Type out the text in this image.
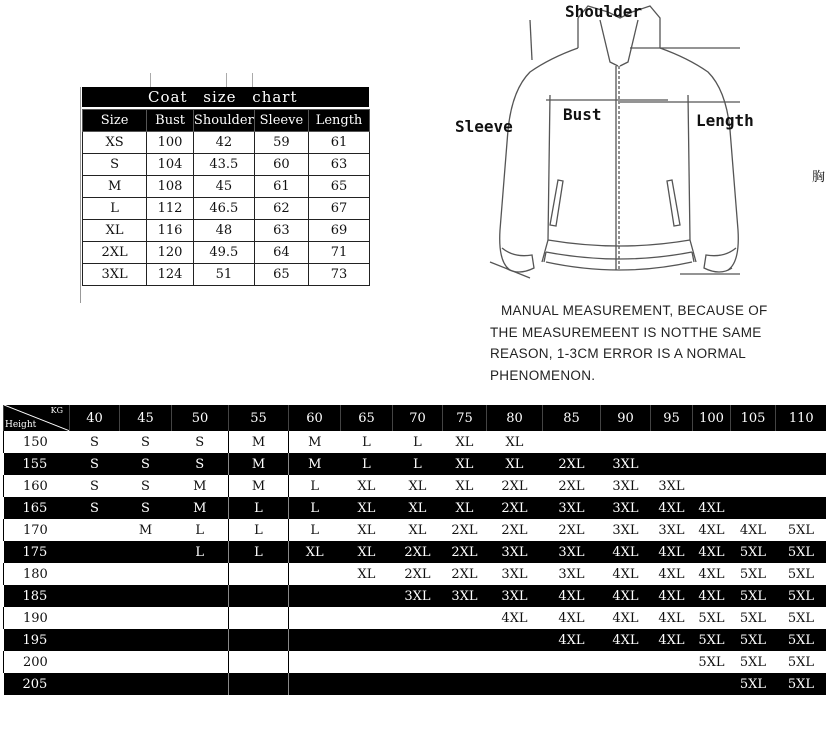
Coat size chart
Size	Bust	Shoulder	Sleeve	Length
XS	100	42	59	61
S	104	43.5	60	63
M	108	45	61	65
L	112	46.5	62	67
XL	116	48	63	69
2XL	120	49.5	64	71
3XL	124	51	65	73
Shoulder
Bust
Sleeve	Length
胸
MANUAL MEASUREMENT, BECAUSE OF
THE MEASUREMEENT IS NOTTHE SAME
REASON, 1-3CM ERROR IS A NORMAL
PHENOMENON.
KG
Height	40	45	50	55	60	65	70	75	80	85	90	95	100	105	110
150	S	S	S	M	M	L	L	XL	XL						
155	S	S	S	M	M	L	L	XL	XL	2XL	3XL				
160	S	S	M	M	L	XL	XL	XL	2XL	2XL	3XL	3XL			
165	S	S	M	L	L	XL	XL	XL	2XL	3XL	3XL	4XL	4XL		
170		M	L	L	L	XL	XL	2XL	2XL	2XL	3XL	3XL	4XL	4XL	5XL
175			L	L	XL	XL	2XL	2XL	3XL	3XL	4XL	4XL	4XL	5XL	5XL
180						XL	2XL	2XL	3XL	3XL	4XL	4XL	4XL	5XL	5XL
185							3XL	3XL	3XL	4XL	4XL	4XL	4XL	5XL	5XL
190									4XL	4XL	4XL	4XL	5XL	5XL	5XL
195										4XL	4XL	4XL	5XL	5XL	5XL
200													5XL	5XL	5XL
205														5XL	5XL
